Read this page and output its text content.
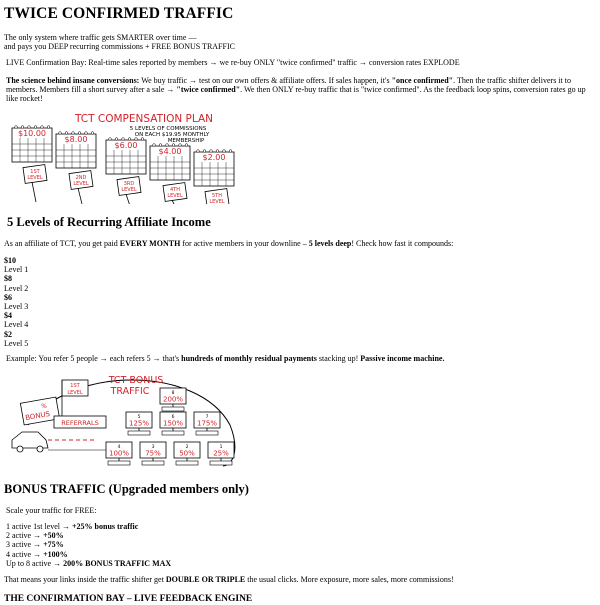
TWICE CONFIRMED TRAFFIC

The only system where traffic gets SMARTER over time —

and pays you DEEP recurring commissions + FREE BONUS TRAFFIC

LIVE Confirmation Bay: Real-time sales reported by members → we re-buy ONLY "twice confirmed" traffic → conversion rates EXPLODE

The science behind insane conversions: We buy traffic → test on our own offers & affiliate offers. If sales happen, it's "once confirmed". Then the traffic shifter delivers it to members. Members fill a short survey after a sale → "twice confirmed". We then ONLY re-buy traffic that is "twice confirmed". As the feedback loop spins, conversion rates go up like rocket!

TCT COMPENSATION PLAN
5 LEVELS OF COMMISSIONS
ON EACH $19.95 MONTHLY
MEMBERSHIP
$10.00
$8.00
$6.00
$4.00
$2.00
1ST
LEVEL	2ND
LEVEL	3RD
LEVEL	4TH
LEVEL	5TH
LEVEL
5 Levels of Recurring Affiliate Income

As an affiliate of TCT, you get paid EVERY MONTH for active members in your downline – 5 levels deep! Check how fast it compounds:

$10
Level 1
$8
Level 2
$6
Level 3
$4
Level 4
$2
Level 5

Example: You refer 5 people → each refers 5 → that's hundreds of monthly residual payments stacking up! Passive income machine.

TCT BONUS
TRAFFIC
1ST
LEVEL
%
BONUS
REFERRALS
8
200%
5
125%
6
150%
7
175%
4
100%
3
75%
2
50%
1
25%
BONUS TRAFFIC (Upgraded members only)

Scale your traffic for FREE:

1 active 1st level → +25% bonus traffic
2 active → +50%
3 active → +75%
4 active → +100%
Up to 8 active → 200% BONUS TRAFFIC MAX

That means your links inside the traffic shifter get DOUBLE OR TRIPLE the usual clicks. More exposure, more sales, more commissions!

THE CONFIRMATION BAY – LIVE FEEDBACK ENGINE
